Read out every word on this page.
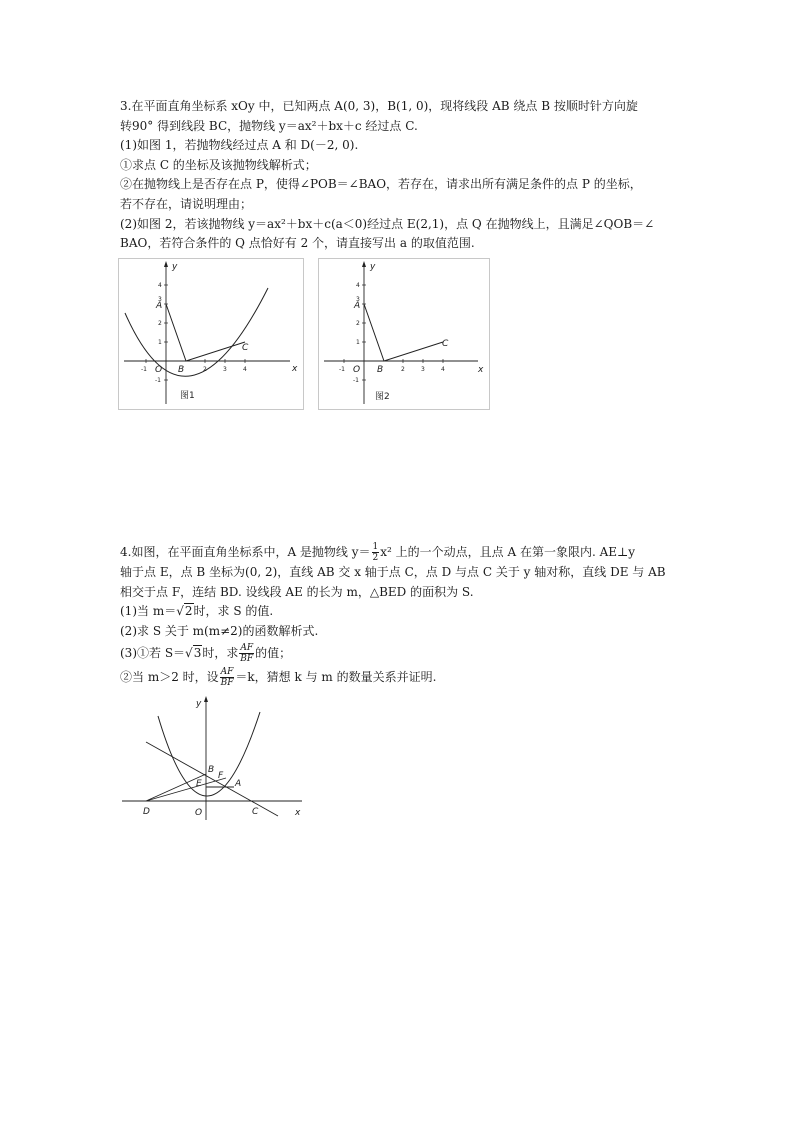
3.在平面直角坐标系 xOy 中，已知两点 A(0, 3)，B(1, 0)，现将线段 AB 绕点 B 按顺时针方向旋

转90° 得到线段 BC，抛物线 y＝ax²＋bx＋c 经过点 C.

(1)如图 1，若抛物线经过点 A 和 D(－2, 0).

①求点 C 的坐标及该抛物线解析式；

②在抛物线上是否存在点 P，使得∠POB＝∠BAO，若存在，请求出所有满足条件的点 P 的坐标，

若不存在，请说明理由；

(2)如图 2，若该抛物线 y＝ax²＋bx＋c(a＜0)经过点 E(2,1)，点 Q 在抛物线上，且满足∠QOB＝∠

BAO，若符合条件的 Q 点恰好有 2 个，请直接写出 a 的取值范围.

x
y
A
B
C
O
-1	2	3	4
4
3
2
1
-1
图1
x
y
A
B
C
O
-1	2	3	4
4
3
2
1
-1
图2

4.如图，在平面直角坐标系中，A 是抛物线 $y= \frac{1}{2} x^2$ 上的一个动点，且点 A 在第一象限内. AE⊥y

轴于点 E，点 B 坐标为(0, 2)，直线 AB 交 x 轴于点 C，点 D 与点 C 关于 y 轴对称，直线 DE 与 AB

相交于点 F，连结 BD. 设线段 AE 的长为 m，△BED 的面积为 S.

(1)当 m＝√2时，求 S 的值.

(2)求 S 关于 m(m≠2)的函数解析式.

(3)①若 S＝√3时，求 $\frac{AF}{BF}$ 的值；

②当 m＞2 时，设 $\frac{AF}{BF} =k$，猜想 k 与 m 的数量关系并证明.

x
y
B
F
E	A
D	O	C
